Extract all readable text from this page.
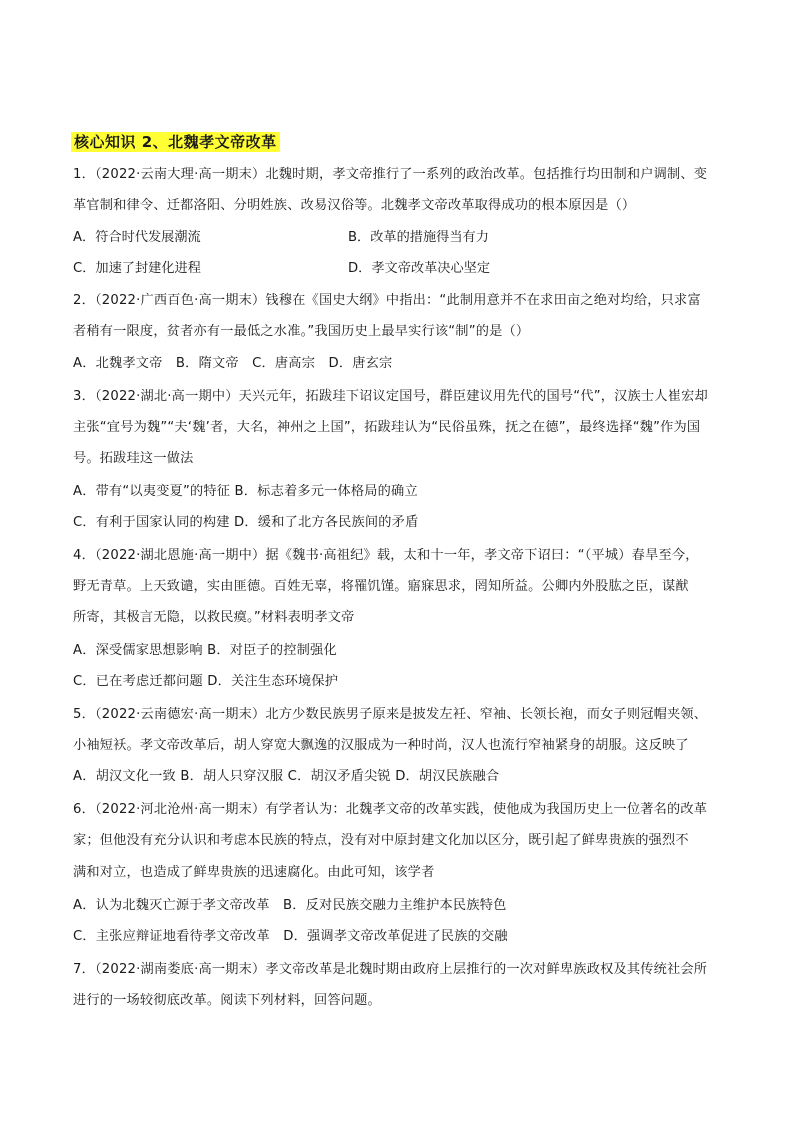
核心知识 2、北魏孝文帝改革
1．（2022·云南大理·高一期末）北魏时期，孝文帝推行了一系列的政治改革。包括推行均田制和户调制、变
革官制和律令、迁都洛阳、分明姓族、改易汉俗等。北魏孝文帝改革取得成功的根本原因是（）
A．符合时代发展潮流	B．改革的措施得当有力
C．加速了封建化进程	D．孝文帝改革决心坚定
2．（2022·广西百色·高一期末）钱穆在《国史大纲》中指出：“此制用意并不在求田亩之绝对均给，只求富
者稍有一限度，贫者亦有一最低之水准。”我国历史上最早实行该“制”的是（）
A．北魏孝文帝　B．隋文帝　C．唐高宗　D．唐玄宗
3．（2022·湖北·高一期中）天兴元年，拓跋珪下诏议定国号，群臣建议用先代的国号“代”，汉族士人崔宏却
主张“宜号为魏”“夫‘魏’者，大名，神州之上国”，拓跋珪认为“民俗虽殊，抚之在德”，最终选择“魏”作为国
号。拓跋珪这一做法
A．带有“以夷变夏”的特征 B．标志着多元一体格局的确立
C．有利于国家认同的构建 D．缓和了北方各民族间的矛盾
4．（2022·湖北恩施·高一期中）据《魏书·高祖纪》载，太和十一年，孝文帝下诏曰：“（平城）春旱至今，
野无青草。上天致谴，实由匪德。百姓无辜，将罹饥馑。寤寐思求，罔知所益。公卿内外股肱之臣，谋猷
所寄，其极言无隐，以救民瘼。”材料表明孝文帝
A．深受儒家思想影响 B．对臣子的控制强化
C．已在考虑迁都问题 D．关注生态环境保护
5．（2022·云南德宏·高一期末）北方少数民族男子原来是披发左衽、窄袖、长领长袍，而女子则冠帽夹领、
小袖短袄。孝文帝改革后，胡人穿宽大飘逸的汉服成为一种时尚，汉人也流行窄袖紧身的胡服。这反映了
A．胡汉文化一致 B．胡人只穿汉服 C．胡汉矛盾尖锐 D．胡汉民族融合
6．（2022·河北沧州·高一期末）有学者认为：北魏孝文帝的改革实践，使他成为我国历史上一位著名的改革
家；但他没有充分认识和考虑本民族的特点，没有对中原封建文化加以区分，既引起了鲜卑贵族的强烈不
满和对立，也造成了鲜卑贵族的迅速腐化。由此可知，该学者
A．认为北魏灭亡源于孝文帝改革　B．反对民族交融力主维护本民族特色
C．主张应辩证地看待孝文帝改革　D．强调孝文帝改革促进了民族的交融
7．（2022·湖南娄底·高一期末）孝文帝改革是北魏时期由政府上层推行的一次对鲜卑族政权及其传统社会所
进行的一场较彻底改革。阅读下列材料，回答问题。
